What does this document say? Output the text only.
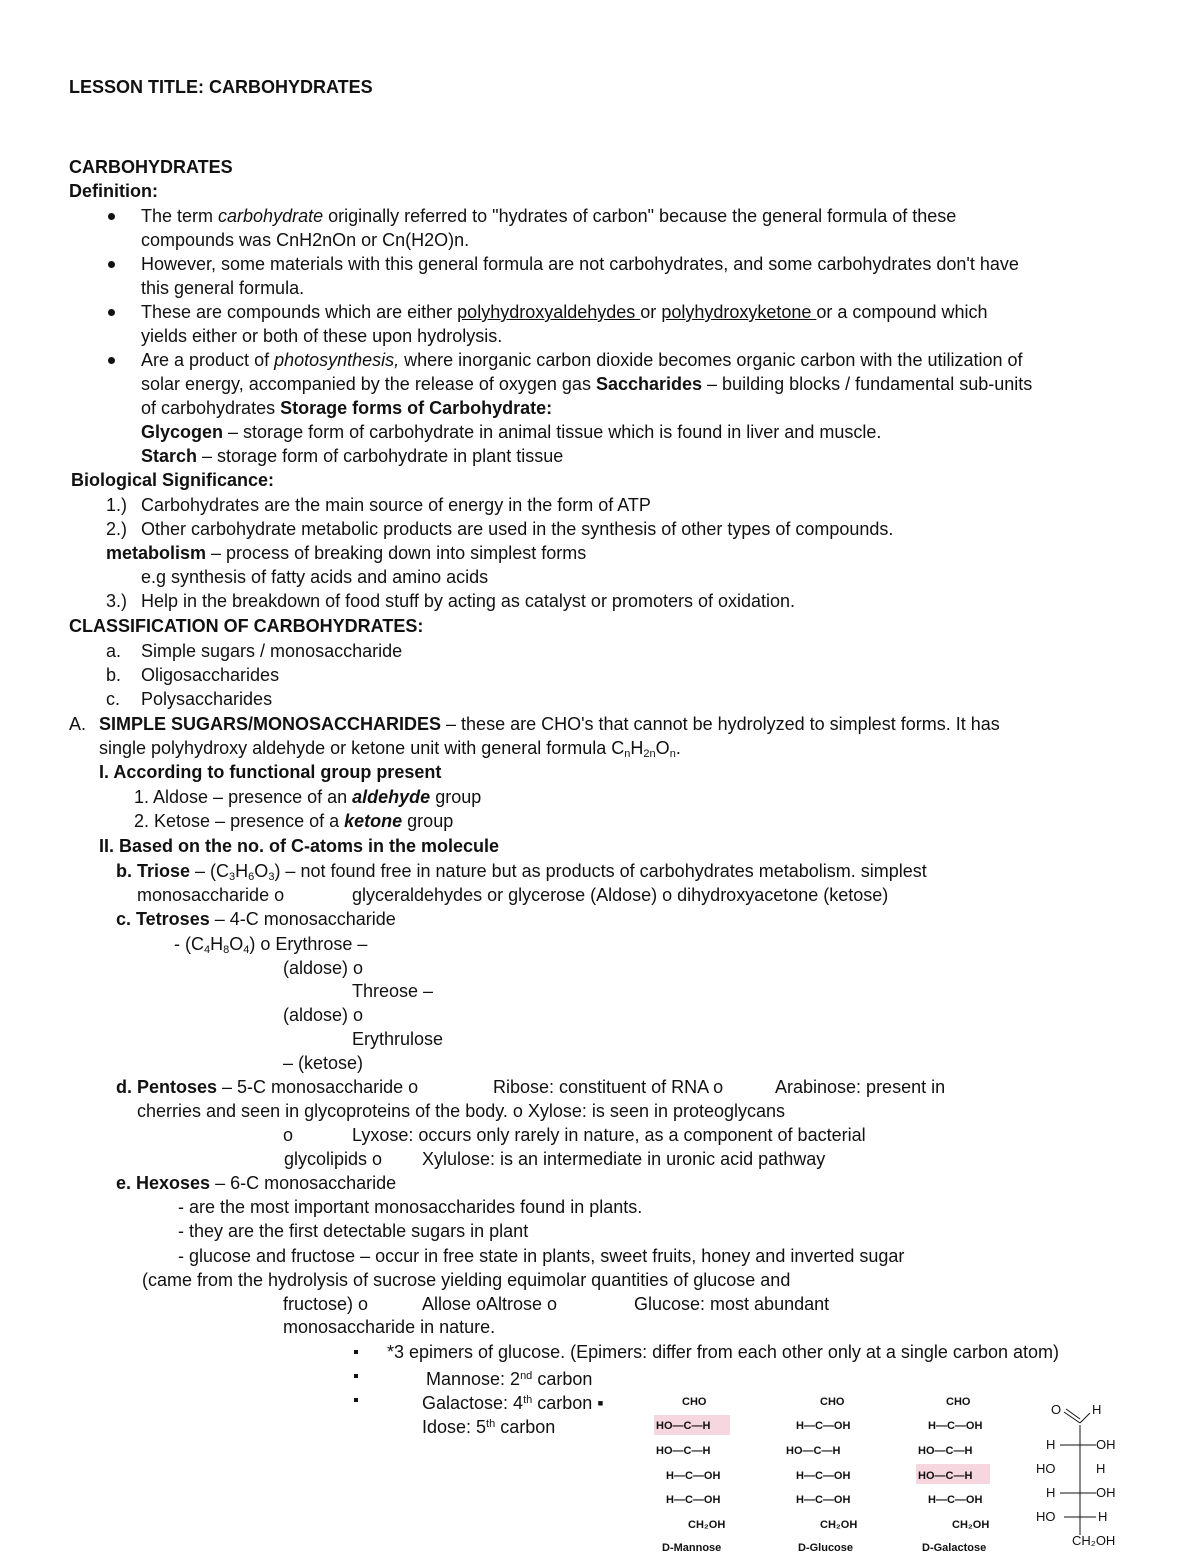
LESSON TITLE: CARBOHYDRATES
CARBOHYDRATES
Definition:
The term carbohydrate originally referred to "hydrates of carbon" because the general formula of these
compounds was CnH2nOn or Cn(H2O)n.
However, some materials with this general formula are not carbohydrates, and some carbohydrates don't have
this general formula.
These are compounds which are either polyhydroxyaldehydes or polyhydroxyketone or a compound which
yields either or both of these upon hydrolysis.
Are a product of photosynthesis, where inorganic carbon dioxide becomes organic carbon with the utilization of
solar energy, accompanied by the release of oxygen gas Saccharides – building blocks / fundamental sub-units
of carbohydrates Storage forms of Carbohydrate:
Glycogen – storage form of carbohydrate in animal tissue which is found in liver and muscle.
Starch – storage form of carbohydrate in plant tissue
Biological Significance:
1.) Carbohydrates are the main source of energy in the form of ATP
2.) Other carbohydrate metabolic products are used in the synthesis of other types of compounds.
metabolism – process of breaking down into simplest forms
e.g synthesis of fatty acids and amino acids
3.) Help in the breakdown of food stuff by acting as catalyst or promoters of oxidation.
CLASSIFICATION OF CARBOHYDRATES:
a. Simple sugars / monosaccharide
b. Oligosaccharides
c. Polysaccharides
A. SIMPLE SUGARS/MONOSACCHARIDES – these are CHO's that cannot be hydrolyzed to simplest forms. It has
single polyhydroxy aldehyde or ketone unit with general formula $C_nH_{2n}O_n$.
I. According to functional group present
1. Aldose – presence of an aldehyde group
2. Ketose – presence of a ketone group
II. Based on the no. of C-atoms in the molecule
b. Triose – $(C_3H_6O_3)$ – not found free in nature but as products of carbohydrates metabolism. simplest
monosaccharide o	glyceraldehydes or glycerose (Aldose) o dihydroxyacetone (ketose)
c. Tetroses – 4-C monosaccharide
- $(C_4H_8O_4)$ o Erythrose –
(aldose) o
Threose –
(aldose) o
Erythrulose
– (ketose)
d. Pentoses – 5-C monosaccharide o	Ribose: constituent of RNA o	Arabinose: present in
cherries and seen in glycoproteins of the body. o Xylose: is seen in proteoglycans
o	Lyxose: occurs only rarely in nature, as a component of bacterial
glycolipids o Xylulose: is an intermediate in uronic acid pathway
e. Hexoses – 6-C monosaccharide
- are the most important monosaccharides found in plants.
- they are the first detectable sugars in plant
- glucose and fructose – occur in free state in plants, sweet fruits, honey and inverted sugar
(came from the hydrolysis of sucrose yielding equimolar quantities of glucose and
fructose) o	Allose oAltrose o	Glucose: most abundant
monosaccharide in nature.
*3 epimers of glucose. (Epimers: differ from each other only at a single carbon atom)
Mannose: 2nd carbon
Galactose: 4th carbon ▪
Idose: 5th carbon
CHO
HO—C—H
HO—C—H
H—C—OH
H—C—OH
CH₂OH
D-Mannose
CHO
H—C—OH
HO—C—H
H—C—OH
H—C—OH
CH₂OH
D-Glucose
CHO
H—C—OH
HO—C—H
HO—C—H
H—C—OH
CH₂OH
D-Galactose
O H
H	OH
HO	H
H	OH
HO	H
CH₂OH
